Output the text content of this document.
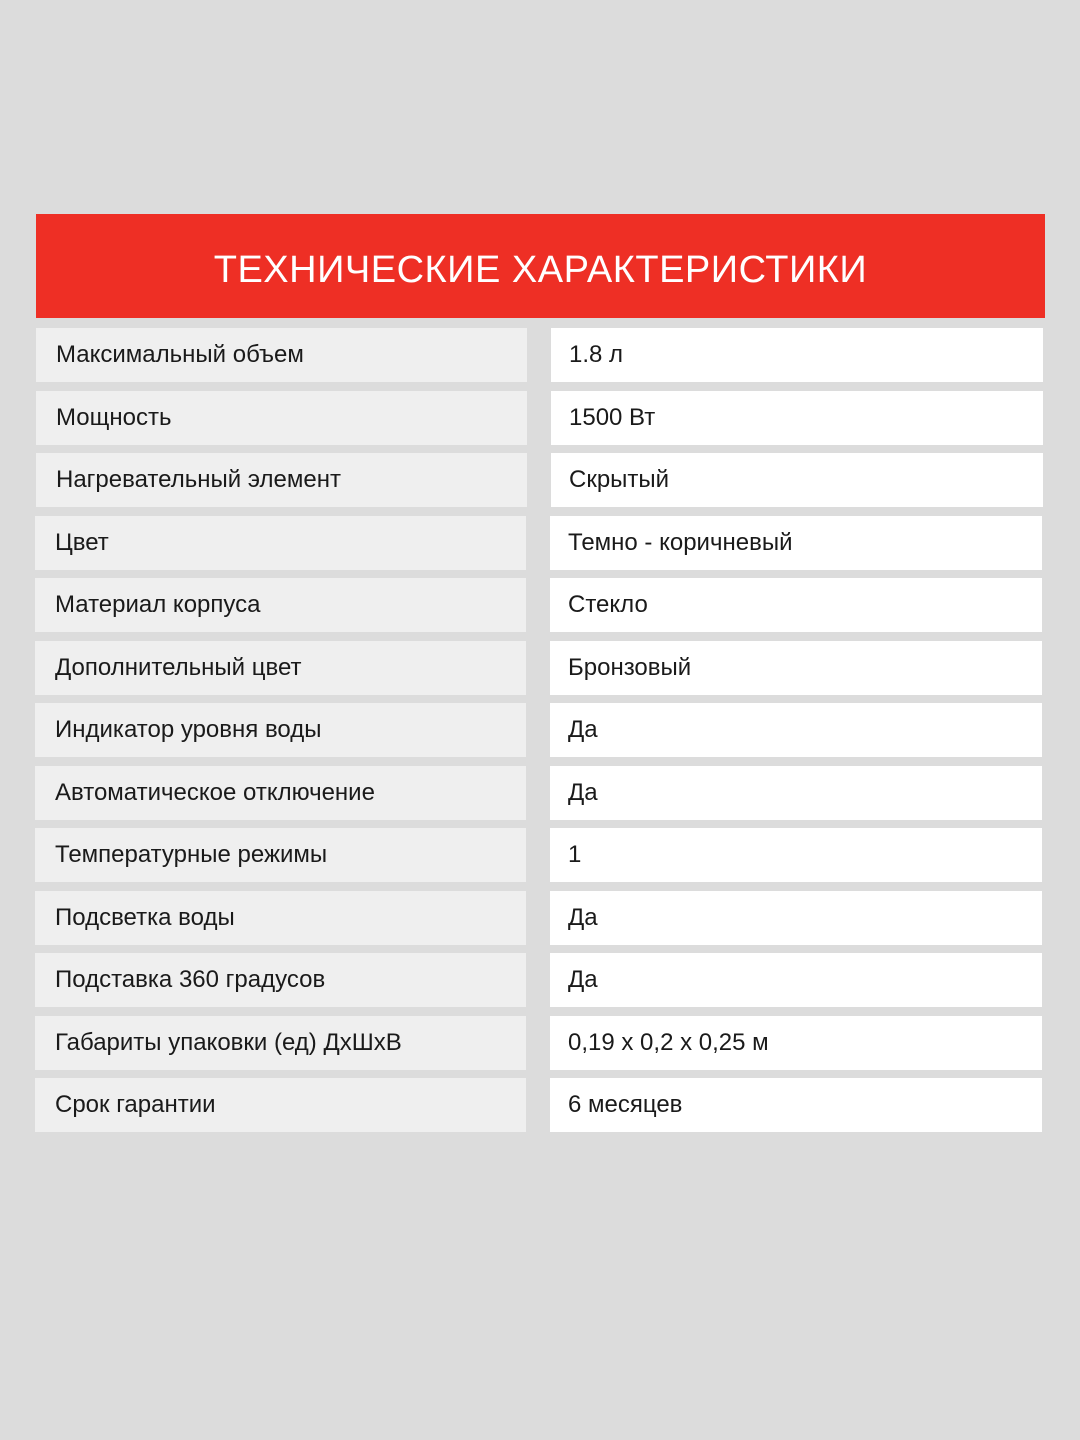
ТЕХНИЧЕСКИЕ ХАРАКТЕРИСТИКИ
Максимальный объем	1.8 л
Мощность	1500 Вт
Нагревательный элемент	Скрытый
Цвет	Темно - коричневый
Материал корпуса	Стекло
Дополнительный цвет	Бронзовый
Индикатор уровня воды	Да
Автоматическое отключение	Да
Температурные режимы	1
Подсветка воды	Да
Подставка 360 градусов	Да
Габариты упаковки (ед) ДхШхВ	0,19 х 0,2 х 0,25 м
Срок гарантии	6 месяцев
